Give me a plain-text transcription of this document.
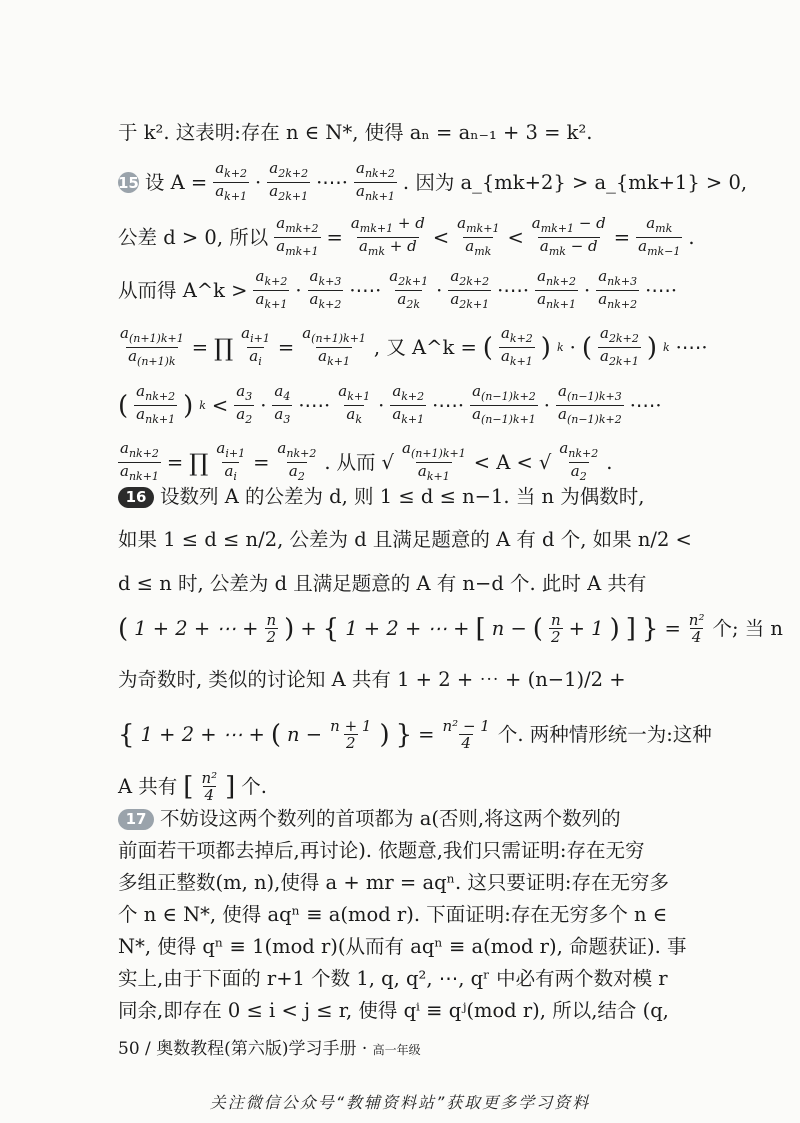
于 k². 这表明:存在 n ∈ N*, 使得 aₙ = aₙ₋₁ + 3 = k².
15 设 $A = \frac{a_{k+2}}{a_{k+1}} \cdot \frac{a_{2k+2}}{a_{2k+1}}$ ·⋯· $\frac{a_{nk+2}}{a_{nk+1}}$ . 因为 a_{mk+2} > a_{mk+1} > 0,
公差 d > 0, 所以 $\frac{a_{mk+2}}{a_{mk+1}} = \frac{a_{mk+1} + d}{a_{mk} + d} < \frac{a_{mk+1}}{a_{mk}} < \frac{a_{mk+1} - d}{a_{mk} - d} = \frac{a_{mk}}{a_{mk-1}}$ .
从而得 A^k > $\frac{a_{k+2}}{a_{k+1}} \cdot \frac{a_{k+3}}{a_{k+2}}$ ·⋯· $\frac{a_{2k+1}}{a_{2k}} \cdot \frac{a_{2k+2}}{a_{2k+1}}$ ·⋯· $\frac{a_{nk+2}}{a_{nk+1}} \cdot \frac{a_{nk+3}}{a_{nk+2}}$ ·⋯·
$\frac{a_{(n+1)k+1}}{a_{(n+1)k}}$ = ∏ $\frac{a_{i+1}}{a_i} = \frac{a_{(n+1)k+1}}{a_{k+1}}$ , 又 A^k = ( $\frac{a_{k+2}}{a_{k+1}}$ ) k · ( $\frac{a_{2k+2}}{a_{2k+1}}$ ) k ·⋯·
( $\frac{a_{nk+2}}{a_{nk+1}}$ ) $k < \frac{a_3}{a_2} \cdot \frac{a_4}{a_3}$ ·⋯· $\frac{a_{k+1}}{a_k} \cdot \frac{a_{k+2}}{a_{k+1}}$ ·⋯· $\frac{a_{(n-1)k+2}}{a_{(n-1)k+1}} \cdot \frac{a_{(n-1)k+3}}{a_{(n-1)k+2}}$ ·⋯·
$\frac{a_{nk+2}}{a_{nk+1}}$ = ∏ $\frac{a_{i+1}}{a_i} = \frac{a_{nk+2}}{a_2}$ . 从而 √ $\frac{a_{(n+1)k+1}}{a_{k+1}} < A$ < √ $\frac{a_{nk+2}}{a_2}$ .
16 设数列 A 的公差为 d, 则 1 ≤ d ≤ n−1. 当 n 为偶数时,
如果 1 ≤ d ≤ n/2, 公差为 d 且满足题意的 A 有 d 个, 如果 n/2 <
d ≤ n 时, 公差为 d 且满足题意的 A 有 n−d 个. 此时 A 共有
( 1 + 2 + ⋯ + $\frac{n}{2}$ ) + { 1 + 2 + ⋯ + [ n − ( $\frac{n}{2} + 1$ ) ] } = $\frac{\text{n²}}{4}$ 个; 当 n
为奇数时, 类似的讨论知 A 共有 1 + 2 + ⋯ + (n−1)/2 +
{ 1 + 2 + ⋯ + ( $n - \frac{n + 1}{2}$ ) } = $\frac{\text{n² − 1}}{4}$ 个. 两种情形统一为:这种
A 共有 [ $\frac{\text{n²}}{4}$ ] 个.
17 不妨设这两个数列的首项都为 a(否则,将这两个数列的
前面若干项都去掉后,再讨论). 依题意,我们只需证明:存在无穷
多组正整数(m, n),使得 a + mr = aqⁿ. 这只要证明:存在无穷多
个 n ∈ N*, 使得 aqⁿ ≡ a(mod r). 下面证明:存在无穷多个 n ∈
N*, 使得 qⁿ ≡ 1(mod r)(从而有 aqⁿ ≡ a(mod r), 命题获证). 事
实上,由于下面的 r+1 个数 1, q, q², ⋯, qʳ 中必有两个数对模 r
50 / 奥数教程(第六版)学习手册 · 高一年级
关注微信公众号“教辅资料站”获取更多学习资料
同余,即存在 0 ≤ i < j ≤ r, 使得 qⁱ ≡ qʲ(mod r), 所以,结合 (q,
